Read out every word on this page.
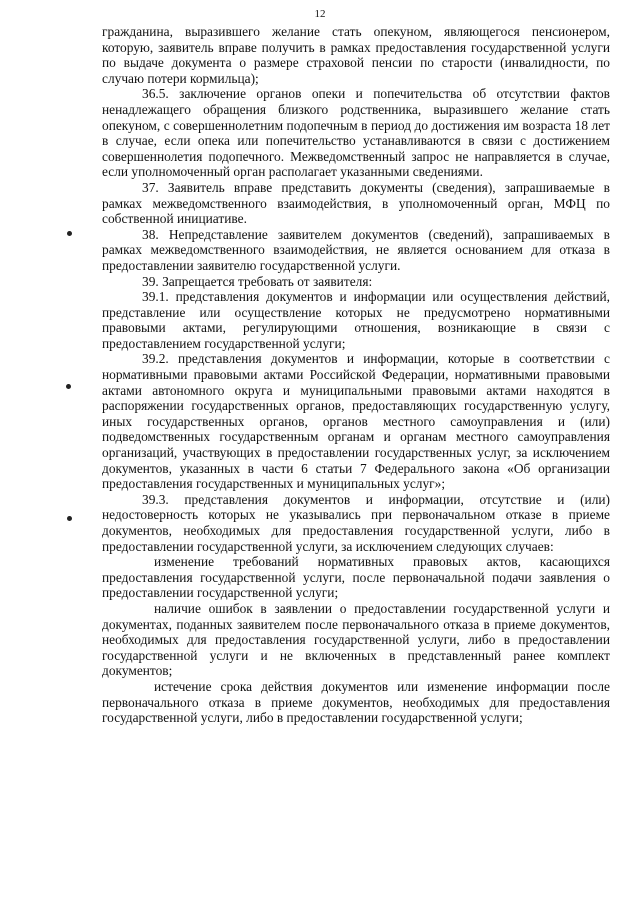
12

гражданина, выразившего желание стать опекуном, являющегося пенсионером, которую, заявитель вправе получить в рамках предоставления государственной услуги по выдаче документа о размере страховой пенсии по старости (инвалидности, по случаю потери кормильца);

36.5. заключение органов опеки и попечительства об отсутствии фактов ненадлежащего обращения близкого родственника, выразившего желание стать опекуном, с совершеннолетним подопечным в период до достижения им возраста 18 лет в случае, если опека или попечительство устанавливаются в связи с достижением совершеннолетия подопечного. Межведомственный запрос не направляется в случае, если уполномоченный орган располагает указанными сведениями.

37. Заявитель вправе представить документы (сведения), запрашиваемые в рамках межведомственного взаимодействия, в уполномоченный орган, МФЦ по собственной инициативе.

38. Непредставление заявителем документов (сведений), запрашиваемых в рамках межведомственного взаимодействия, не является основанием для отказа в предоставлении заявителю государственной услуги.

39. Запрещается требовать от заявителя:

39.1. представления документов и информации или осуществления действий, представление или осуществление которых не предусмотрено нормативными правовыми актами, регулирующими отношения, возникающие в связи с предоставлением государственной услуги;

39.2. представления документов и информации, которые в соответствии с нормативными правовыми актами Российской Федерации, нормативными правовыми актами автономного округа и муниципальными правовыми актами находятся в распоряжении государственных органов, предоставляющих государственную услугу, иных государственных органов, органов местного самоуправления и (или) подведомственных государственным органам и органам местного самоуправления организаций, участвующих в предоставлении государственных услуг, за исключением документов, указанных в части 6 статьи 7 Федерального закона «Об организации предоставления государственных и муниципальных услуг»;

39.3. представления документов и информации, отсутствие и (или) недостоверность которых не указывались при первоначальном отказе в приеме документов, необходимых для предоставления государственной услуги, либо в предоставлении государственной услуги, за исключением следующих случаев:

изменение требований нормативных правовых актов, касающихся предоставления государственной услуги, после первоначальной подачи заявления о предоставлении государственной услуги;

наличие ошибок в заявлении о предоставлении государственной услуги и документах, поданных заявителем после первоначального отказа в приеме документов, необходимых для предоставления государственной услуги, либо в предоставлении государственной услуги и не включенных в представленный ранее комплект документов;

истечение срока действия документов или изменение информации после первоначального отказа в приеме документов, необходимых для предоставления государственной услуги, либо в предоставлении государственной услуги;
